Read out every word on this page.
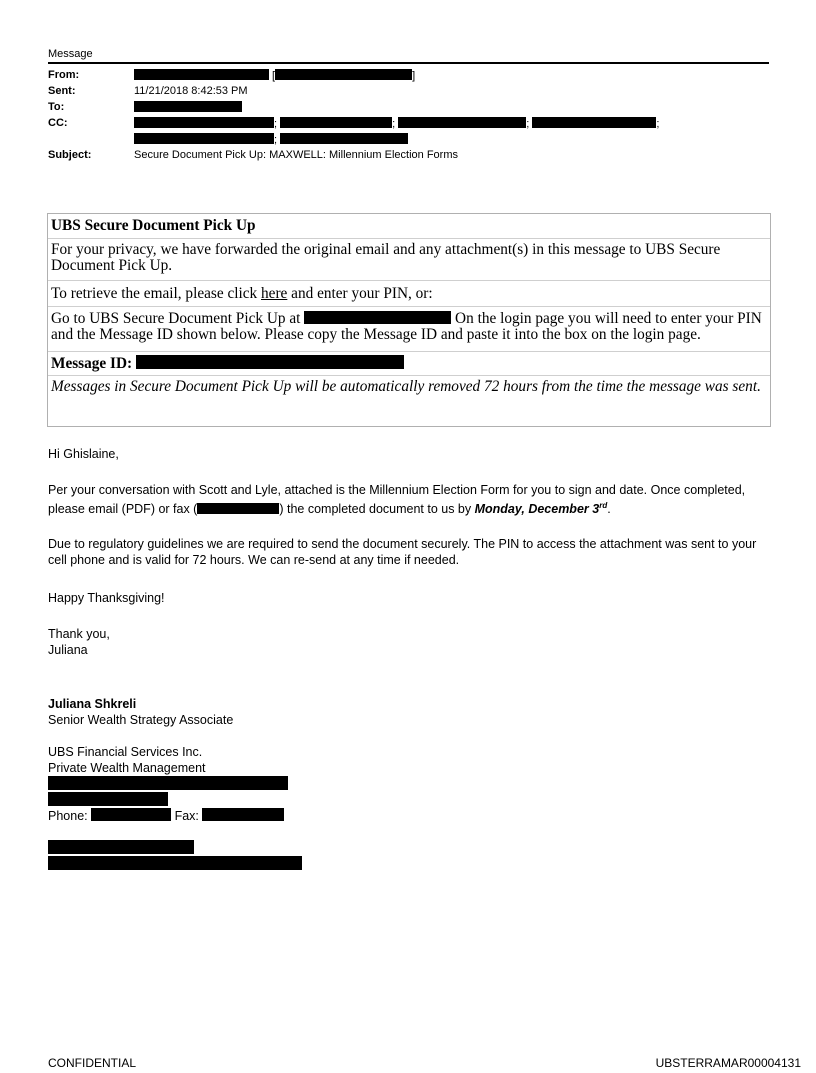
Message
From:	[	]
Sent:	11/21/2018 8:42:53 PM
To:
CC:	;	;	;	;
;
Subject:	Secure Document Pick Up: MAXWELL: Millennium Election Forms

UBS Secure Document Pick Up

For your privacy, we have forwarded the original email and any attachment(s) in this message to UBS Secure Document Pick Up.

To retrieve the email, please click here and enter your PIN, or:

Go to UBS Secure Document Pick Up at	On the login page you will need to enter your PIN and the Message ID shown below. Please copy the Message ID and paste it into the box on the login page.

Message ID:

Messages in Secure Document Pick Up will be automatically removed 72 hours from the time the message was sent.

Hi Ghislaine,

Per your conversation with Scott and Lyle, attached is the Millennium Election Form for you to sign and date. Once completed, please email (PDF) or fax (	) the completed document to us by Monday, December 3rd.

Due to regulatory guidelines we are required to send the document securely. The PIN to access the attachment was sent to your cell phone and is valid for 72 hours. We can re-send at any time if needed.

Happy Thanksgiving!

Thank you,

Juliana

Juliana Shkreli

Senior Wealth Strategy Associate

UBS Financial Services Inc.

Private Wealth Management

Phone:	Fax:

CONFIDENTIAL	UBSTERRAMAR00004131
